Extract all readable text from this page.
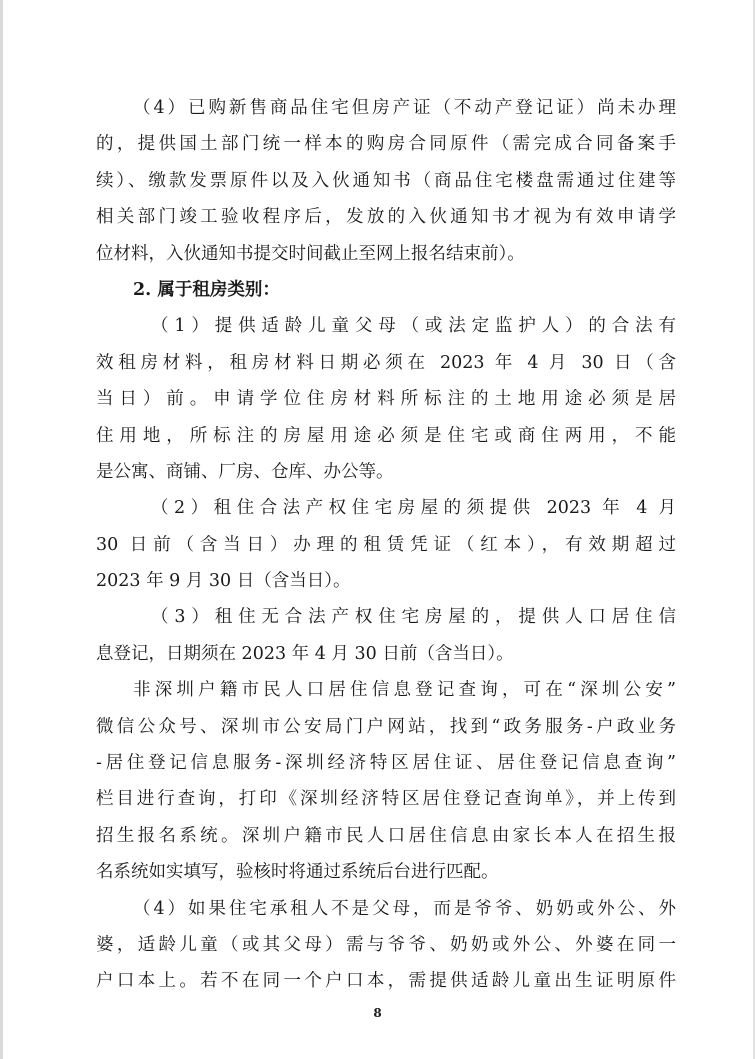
（4）已购新售商品住宅但房产证（不动产登记证）尚未办理
的，提供国土部门统一样本的购房合同原件（需完成合同备案手
续）、缴款发票原件以及入伙通知书（商品住宅楼盘需通过住建等
相关部门竣工验收程序后，发放的入伙通知书才视为有效申请学
位材料，入伙通知书提交时间截止至网上报名结束前）。
2. 属于租房类别：
（1）提供适龄儿童父母（或法定监护人）的合法有
效租房材料，租房材料日期必须在 2023 年 4 月 30 日（含
当日）前。申请学位住房材料所标注的土地用途必须是居
住用地，所标注的房屋用途必须是住宅或商住两用，不能
是公寓、商铺、厂房、仓库、办公等。
（2）租住合法产权住宅房屋的须提供 2023 年 4 月
30 日前（含当日）办理的租赁凭证（红本），有效期超过
2023 年 9 月 30 日（含当日）。
（3）租住无合法产权住宅房屋的，提供人口居住信
息登记，日期须在 2023 年 4 月 30 日前（含当日）。
非深圳户籍市民人口居住信息登记查询，可在“深圳公安”
微信公众号、深圳市公安局门户网站，找到“政务服务-户政业务
-居住登记信息服务-深圳经济特区居住证、居住登记信息查询”
栏目进行查询，打印《深圳经济特区居住登记查询单》，并上传到
招生报名系统。深圳户籍市民人口居住信息由家长本人在招生报
名系统如实填写，验核时将通过系统后台进行匹配。
（4）如果住宅承租人不是父母，而是爷爷、奶奶或外公、外
婆，适龄儿童（或其父母）需与爷爷、奶奶或外公、外婆在同一
户口本上。若不在同一个户口本，需提供适龄儿童出生证明原件
8
